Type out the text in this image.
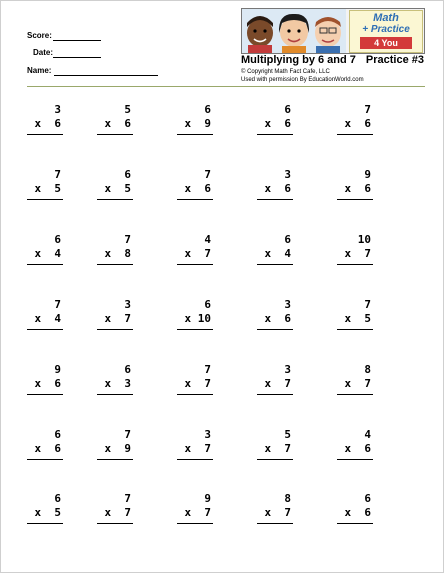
Score:
Date:
Name:
Math
+ Practice
4 You
Multiplying by 6 and 7 Practice #3
© Copyright Math Fact Cafe, LLC
Used with permission By EducationWorld.com
3
x  6
5
x  6
6
x  9
6
x  6
7
x  6
7
x  5
6
x  5
7
x  6
3
x  6
9
x  6
6
x  4
7
x  8
4
x  7
6
x  4
10
x  7
7
x  4
3
x  7
6
x 10
3
x  6
7
x  5
9
x  6
6
x  3
7
x  7
3
x  7
8
x  7
6
x  6
7
x  9
3
x  7
5
x  7
4
x  6
6
x  5
7
x  7
9
x  7
8
x  7
6
x  6
